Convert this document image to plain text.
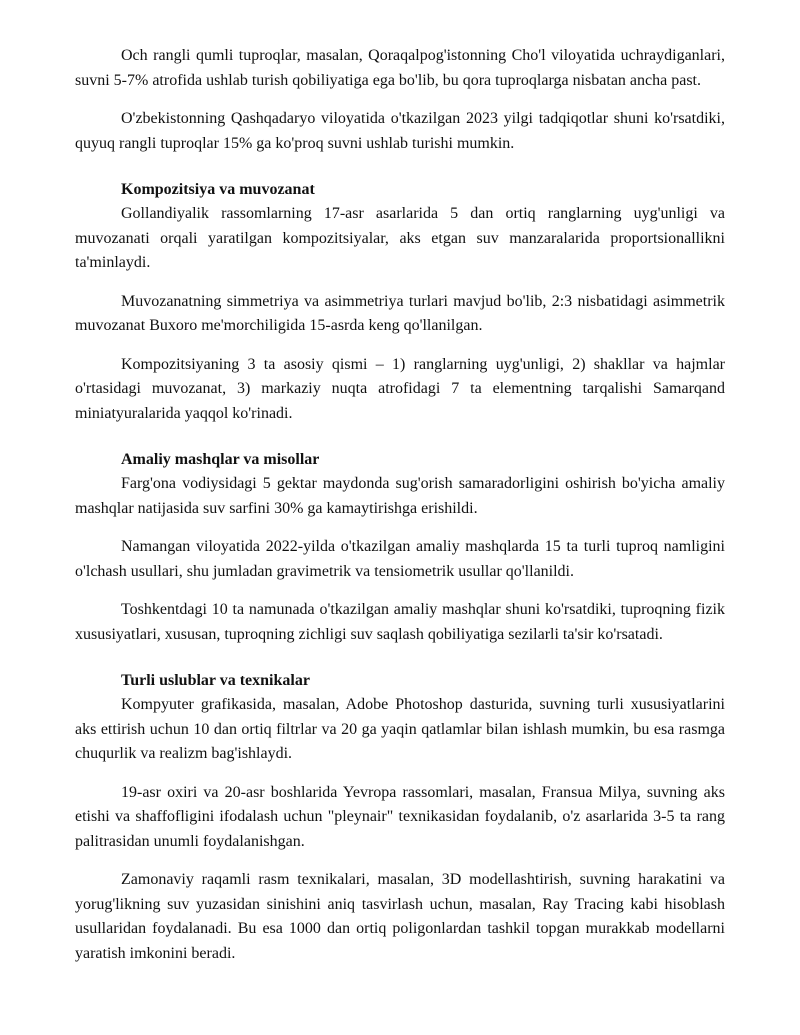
Och rangli qumli tuproqlar, masalan, Qoraqalpog'istonning Cho'l viloyatida uchraydiganlari, suvni 5-7% atrofida ushlab turish qobiliyatiga ega bo'lib, bu qora tuproqlarga nisbatan ancha past.

O'zbekistonning Qashqadaryo viloyatida o'tkazilgan 2023 yilgi tadqiqotlar shuni ko'rsatdiki, quyuq rangli tuproqlar 15% ga ko'proq suvni ushlab turishi mumkin.

Kompozitsiya va muvozanat

Gollandiyalik rassomlarning 17-asr asarlarida 5 dan ortiq ranglarning uyg'unligi va muvozanati orqali yaratilgan kompozitsiyalar, aks etgan suv manzaralarida proportsionallikni ta'minlaydi.

Muvozanatning simmetriya va asimmetriya turlari mavjud bo'lib, 2:3 nisbatidagi asimmetrik muvozanat Buxoro me'morchiligida 15-asrda keng qo'llanilgan.

Kompozitsiyaning 3 ta asosiy qismi – 1) ranglarning uyg'unligi, 2) shakllar va hajmlar o'rtasidagi muvozanat, 3) markaziy nuqta atrofidagi 7 ta elementning tarqalishi Samarqand miniatyuralarida yaqqol ko'rinadi.

Amaliy mashqlar va misollar

Farg'ona vodiysidagi 5 gektar maydonda sug'orish samaradorligini oshirish bo'yicha amaliy mashqlar natijasida suv sarfini 30% ga kamaytirishga erishildi.

Namangan viloyatida 2022-yilda o'tkazilgan amaliy mashqlarda 15 ta turli tuproq namligini o'lchash usullari, shu jumladan gravimetrik va tensiometrik usullar qo'llanildi.

Toshkentdagi 10 ta namunada o'tkazilgan amaliy mashqlar shuni ko'rsatdiki, tuproqning fizik xususiyatlari, xususan, tuproqning zichligi suv saqlash qobiliyatiga sezilarli ta'sir ko'rsatadi.

Turli uslublar va texnikalar

Kompyuter grafikasida, masalan, Adobe Photoshop dasturida, suvning turli xususiyatlarini aks ettirish uchun 10 dan ortiq filtrlar va 20 ga yaqin qatlamlar bilan ishlash mumkin, bu esa rasmga chuqurlik va realizm bag'ishlaydi.

19-asr oxiri va 20-asr boshlarida Yevropa rassomlari, masalan, Fransua Milya, suvning aks etishi va shaffofligini ifodalash uchun "pleynair" texnikasidan foydalanib, o'z asarlarida 3-5 ta rang palitrasidan unumli foydalanishgan.

Zamonaviy raqamli rasm texnikalari, masalan, 3D modellashtirish, suvning harakatini va yorug'likning suv yuzasidan sinishini aniq tasvirlash uchun, masalan, Ray Tracing kabi hisoblash usullaridan foydalanadi. Bu esa 1000 dan ortiq poligonlardan tashkil topgan murakkab modellarni yaratish imkonini beradi.
